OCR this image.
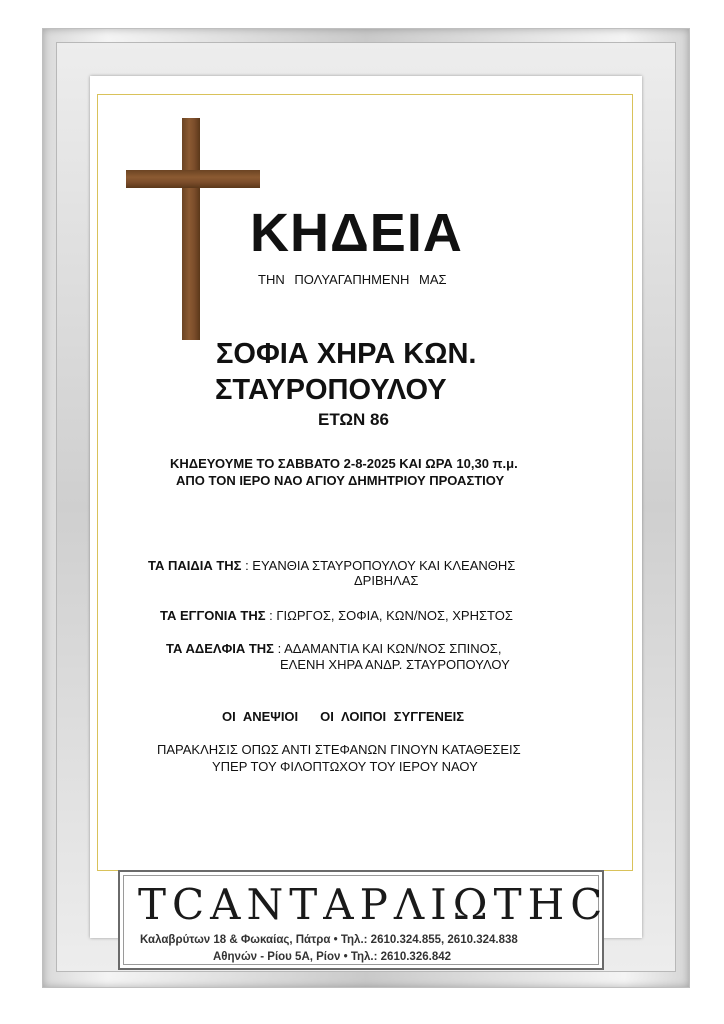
ΚΗΔΕΙΑ
ΤΗΝ ΠΟΛΥΑΓΑΠΗΜΕΝΗ ΜΑΣ
ΣΟΦΙΑ ΧΗΡΑ ΚΩΝ.
ΣΤΑΥΡΟΠΟΥΛΟΥ
ΕΤΩΝ 86
ΚΗΔΕΥΟΥΜΕ ΤΟ ΣΑΒΒΑΤΟ 2-8-2025 ΚΑΙ ΩΡΑ 10,30 π.μ.
ΑΠΟ ΤΟΝ ΙΕΡΟ ΝΑΟ ΑΓΙΟΥ ΔΗΜΗΤΡΙΟΥ ΠΡΟΑΣΤΙΟΥ
ΤΑ ΠΑΙΔΙΑ ΤΗΣ : ΕΥΑΝΘΙΑ ΣΤΑΥΡΟΠΟΥΛΟΥ ΚΑΙ ΚΛΕΑΝΘΗΣ
ΔΡΙΒΗΛΑΣ
ΤΑ ΕΓΓΟΝΙΑ ΤΗΣ : ΓΙΩΡΓΟΣ, ΣΟΦΙΑ, ΚΩΝ/ΝΟΣ, ΧΡΗΣΤΟΣ
ΤΑ ΑΔΕΛΦΙΑ ΤΗΣ : ΑΔΑΜΑΝΤΙΑ ΚΑΙ ΚΩΝ/ΝΟΣ ΣΠΙΝΟΣ,
ΕΛΕΝΗ ΧΗΡΑ ΑΝΔΡ. ΣΤΑΥΡΟΠΟΥΛΟΥ
ΟΙ ΑΝΕΨΙΟΙ ΟΙ ΛΟΙΠΟΙ ΣΥΓΓΕΝΕΙΣ
ΠΑΡΑΚΛΗΣΙΣ ΟΠΩΣ ΑΝΤΙ ΣΤΕΦΑΝΩΝ ΓΙΝΟΥΝ ΚΑΤΑΘΕΣΕΙΣ
ΥΠΕΡ ΤΟΥ ΦΙΛΟΠΤΩΧΟΥ ΤΟΥ ΙΕΡΟΥ ΝΑΟΥ
ΤϹΑΝΤΑΡΛΙΩΤΗϹ
Καλαβρύτων 18 & Φωκαίας, Πάτρα • Τηλ.: 2610.324.855, 2610.324.838
Αθηνών - Ρίου 5Α, Ρίον • Τηλ.: 2610.326.842
